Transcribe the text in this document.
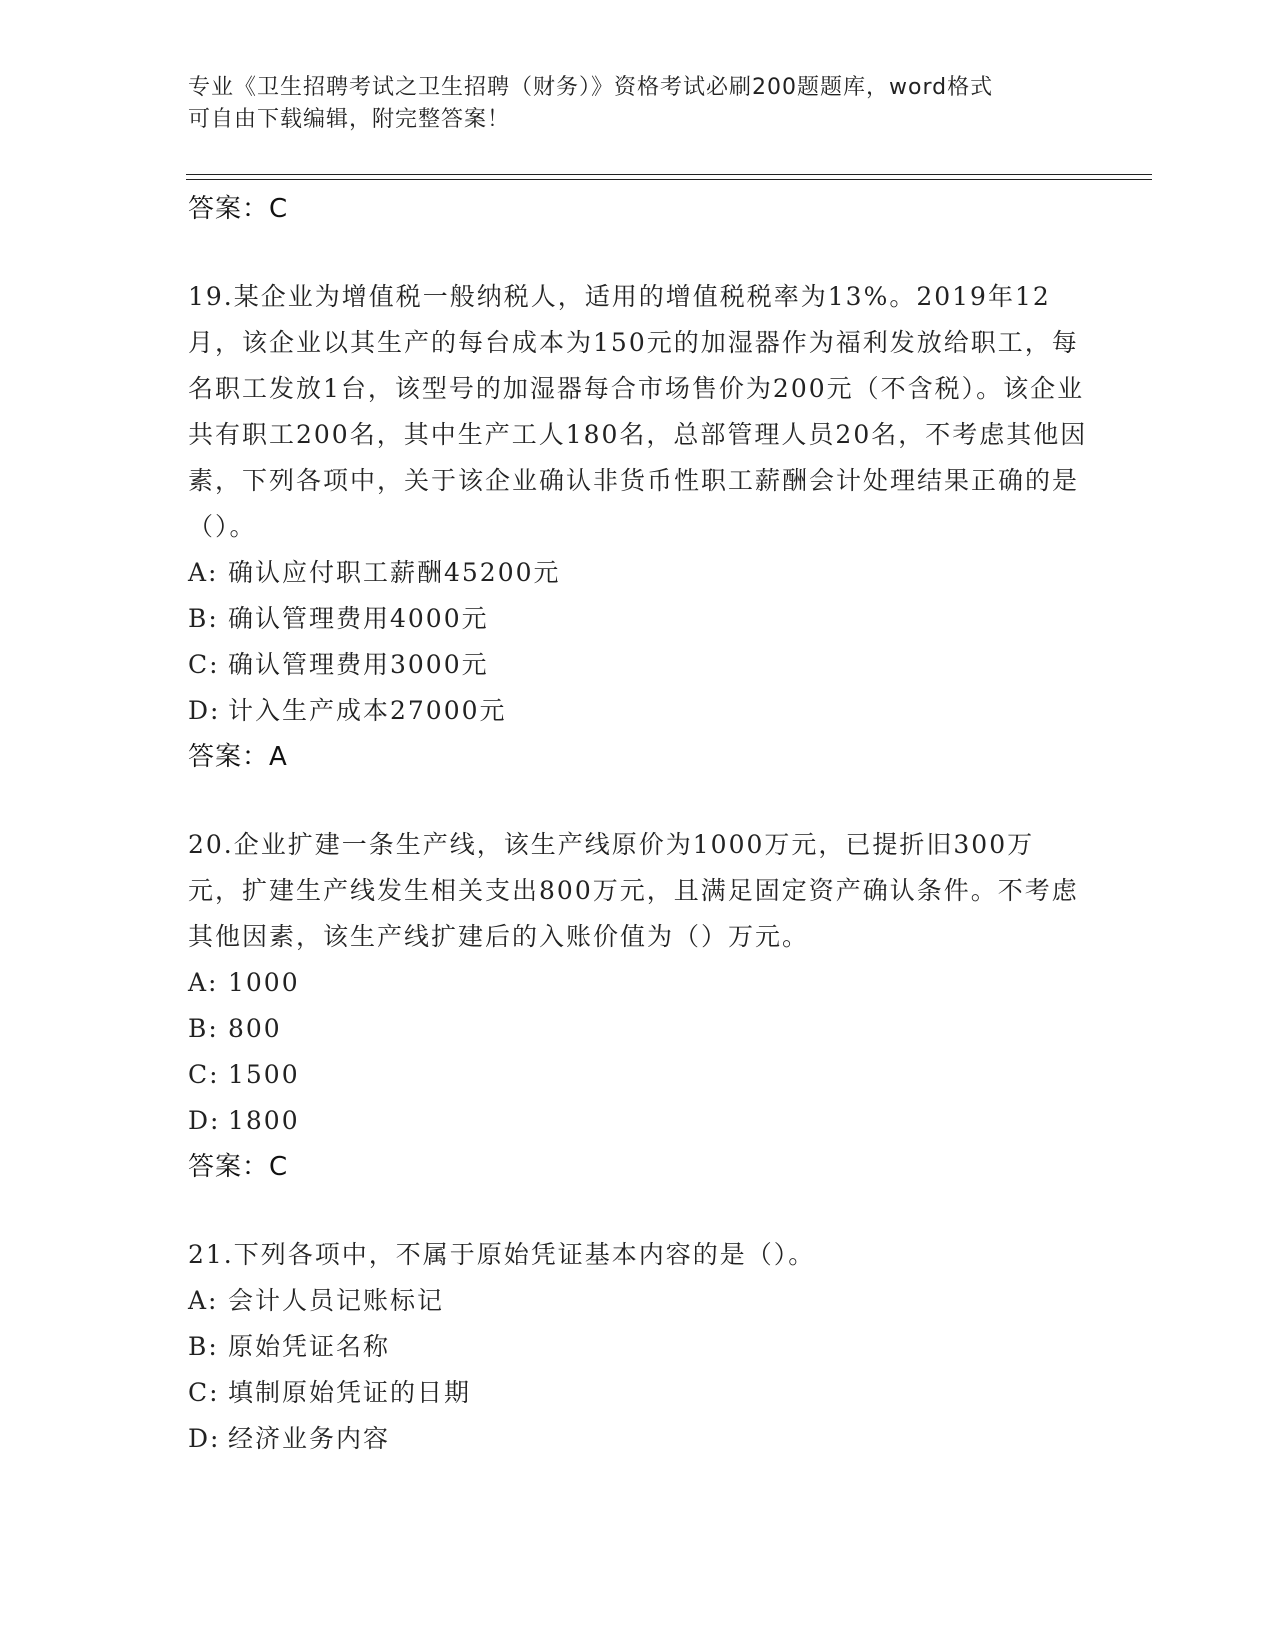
专业《卫生招聘考试之卫生招聘（财务）》资格考试必刷200题题库，word格式
可自由下载编辑，附完整答案！
答案：C

19.某企业为增值税一般纳税人，适用的增值税税率为13%。2019年12月，该企业以其生产的每台成本为150元的加湿器作为福利发放给职工，每名职工发放1台，该型号的加湿器每合市场售价为200元（不含税）。该企业共有职工200名，其中生产工人180名，总部管理人员20名，不考虑其他因素，下列各项中，关于该企业确认非货币性职工薪酬会计处理结果正确的是（）。

A: 确认应付职工薪酬45200元
B: 确认管理费用4000元
C: 确认管理费用3000元
D: 计入生产成本27000元
答案：A

20.企业扩建一条生产线，该生产线原价为1000万元，已提折旧300万元，扩建生产线发生相关支出800万元，且满足固定资产确认条件。不考虑其他因素，该生产线扩建后的入账价值为（）万元。

A: 1000
B: 800
C: 1500
D: 1800
答案：C

21.下列各项中，不属于原始凭证基本内容的是（）。

A: 会计人员记账标记
B: 原始凭证名称
C: 填制原始凭证的日期
D: 经济业务内容
